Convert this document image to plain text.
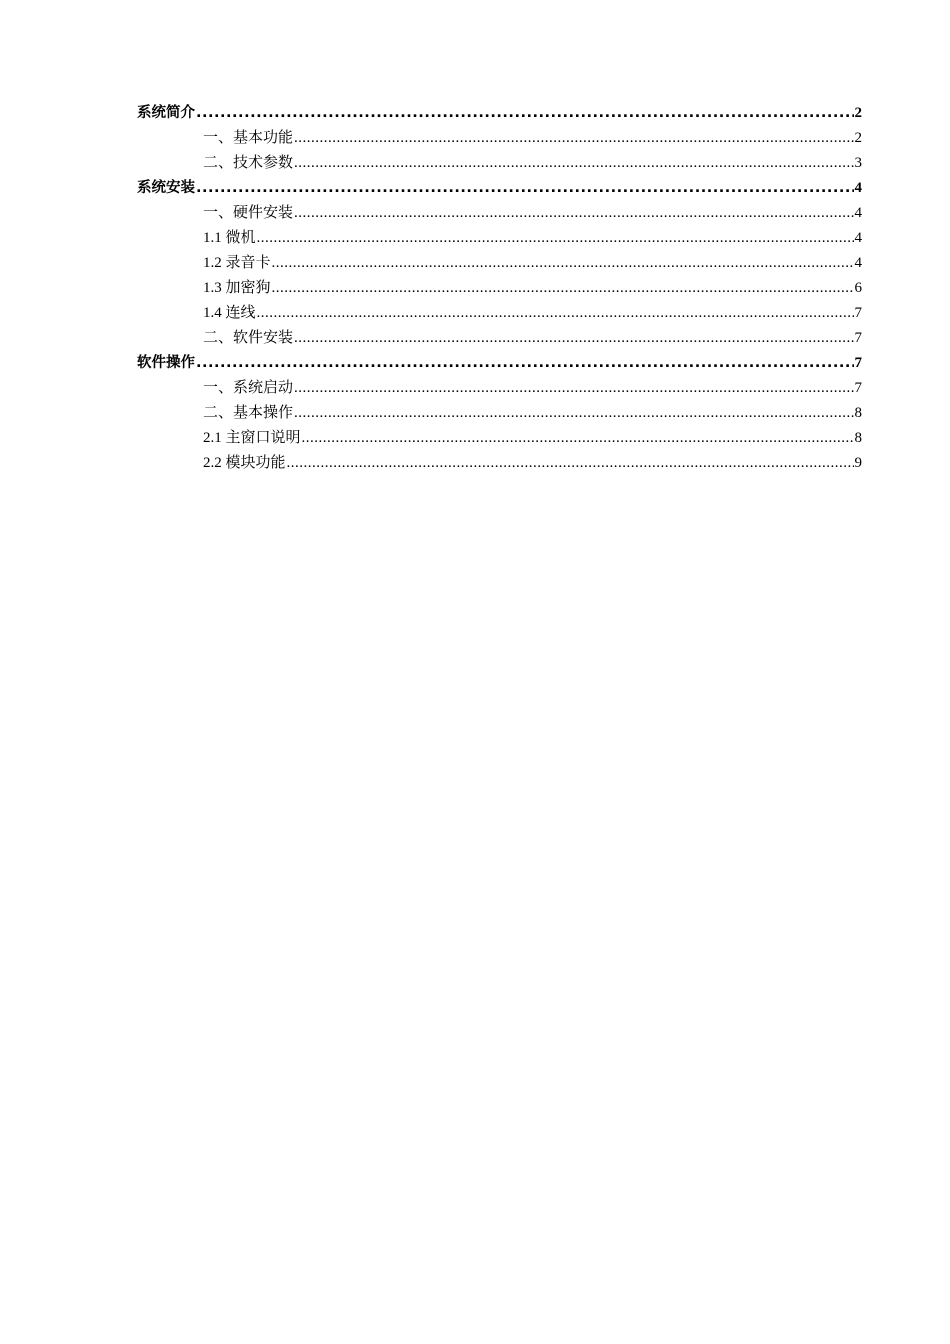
系统简介 .....	2
一、基本功能 .....	2
二、技术参数 .....	3
系统安装 .....	4
一、硬件安装 .....	4
1.1 微机 .....	4
1.2 录音卡 .....	4
1.3 加密狗 .....	6
1.4 连线 .....	7
二、软件安装 .....	7
软件操作 .....	7
一、系统启动 .....	7
二、基本操作 .....	8
2.1 主窗口说明 .....	8
2.2 模块功能 .....	9
